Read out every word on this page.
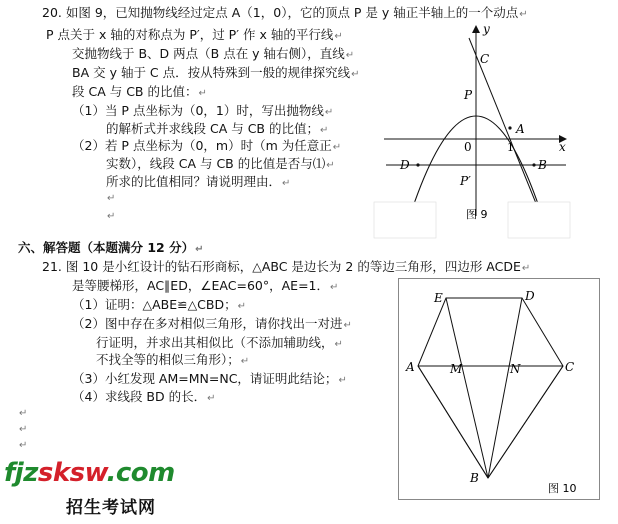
20. 如图 9，已知抛物线经过定点 A（1，0），它的顶点 P 是 y 轴正半轴上的一个动点↵
P 点关于 x 轴的对称点为 P′，过 P′ 作 x 轴的平行线↵
交抛物线于 B、D 两点（B 点在 y 轴右侧），直线↵
BA 交 y 轴于 C 点．按从特殊到一般的规律探究线↵
段 CA 与 CB 的比值：↵
（1）当 P 点坐标为（0，1）时，写出抛物线↵
的解析式并求线段 CA 与 CB 的比值；↵
（2）若 P 点坐标为（0，m）时（m 为任意正↵
实数），线段 CA 与 CB 的比值是否与⑴↵
所求的比值相同？请说明理由．↵
↵
↵
六、解答题（本题满分 12 分）↵
21. 图 10 是小红设计的钻石形商标，△ABC 是边长为 2 的等边三角形，四边形 ACDE↵
是等腰梯形，AC∥ED，∠EAC=60°，AE=1．↵
（1）证明：△ABE≌△CBD；↵
（2）图中存在多对相似三角形，请你找出一对进↵
行证明，并求出其相似比（不添加辅助线，↵
不找全等的相似三角形）；↵
（3）小红发现 AM=MN=NC，请证明此结论；↵
（4）求线段 BD 的长．↵
↵
↵
↵
y
x
C
P
A
0	1
D	B
P′
图 9
E	D
A	M	N	C
B
图 10
fjzsksw.com
招生考试网
